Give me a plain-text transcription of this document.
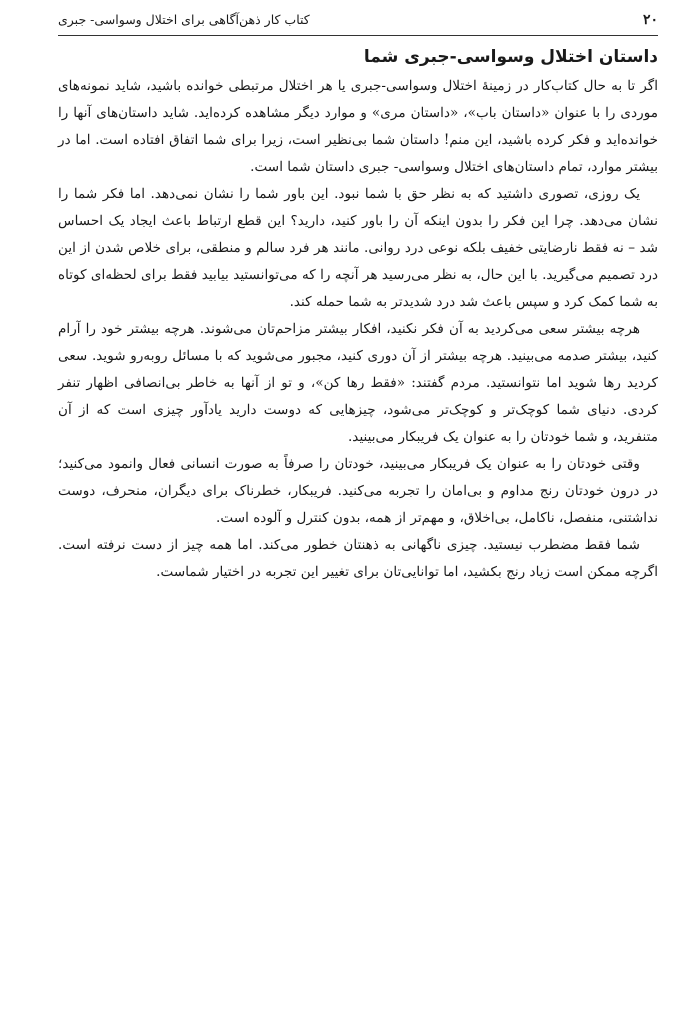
۲۰
کتاب کار ذهن‌آگاهی برای اختلال وسواسی- جبری
داستان اختلال وسواسی-جبری شما

اگر تا به حال کتاب‌کار در زمینهٔ اختلال وسواسی-جبری یا هر اختلال مرتبطی خوانده باشید، شاید نمونه‌های موردی را با عنوان «داستان باب»، «داستان مری» و موارد دیگر مشاهده کرده‌اید. شاید داستان‌های آنها را خوانده‌اید و فکر کرده باشید، این منم! داستان شما بی‌نظیر است، زیرا برای شما اتفاق افتاده است. اما در بیشتر موارد، تمام داستان‌های اختلال وسواسی- جبری داستان شما است.

یک روزی، تصوری داشتید که به نظر حق با شما نبود. این باور شما را نشان نمی‌دهد. اما فکر شما را نشان می‌دهد. چرا این فکر را بدون اینکه آن را باور کنید، دارید؟ این قطع ارتباط باعث ایجاد یک احساس شد – نه فقط نارضایتی خفیف بلکه نوعی درد روانی. مانند هر فرد سالم و منطقی، برای خلاص شدن از این درد تصمیم می‌گیرید. با این حال، به نظر می‌رسید هر آنچه را که می‌توانستید بیابید فقط برای لحظه‌ای کوتاه به شما کمک کرد و سپس باعث شد درد شدیدتر به شما حمله کند.

هرچه بیشتر سعی می‌کردید به آن فکر نکنید، افکار بیشتر مزاحم‌تان می‌شوند. هرچه بیشتر خود را آرام کنید، بیشتر صدمه می‌بینید. هرچه بیشتر از آن دوری کنید، مجبور می‌شوید که با مسائل روبه‌رو شوید. سعی کردید رها شوید اما نتوانستید. مردم گفتند: «فقط رها کن»، و تو از آنها به خاطر بی‌انصافی اظهار تنفر کردی. دنیای شما کوچک‌تر و کوچک‌تر می‌شود، چیزهایی که دوست دارید یادآور چیزی است که از آن متنفرید، و شما خودتان را به عنوان یک فریبکار می‌بینید.

وقتی خودتان را به عنوان یک فریبکار می‌بینید، خودتان را صرفاً به صورت انسانی فعال وانمود می‌کنید؛ در درون خودتان رنج مداوم و بی‌امان را تجربه می‌کنید. فریبکار، خطرناک برای دیگران، منحرف، دوست نداشتنی، منفصل، ناکامل، بی‌اخلاق، و مهم‌تر از همه، بدون کنترل و آلوده است.

شما فقط مضطرب نیستید. چیزی ناگهانی به ذهنتان خطور می‌کند. اما همه چیز از دست نرفته است. اگرچه ممکن است زیاد رنج بکشید، اما توانایی‌تان برای تغییر این تجربه در اختیار شماست.
